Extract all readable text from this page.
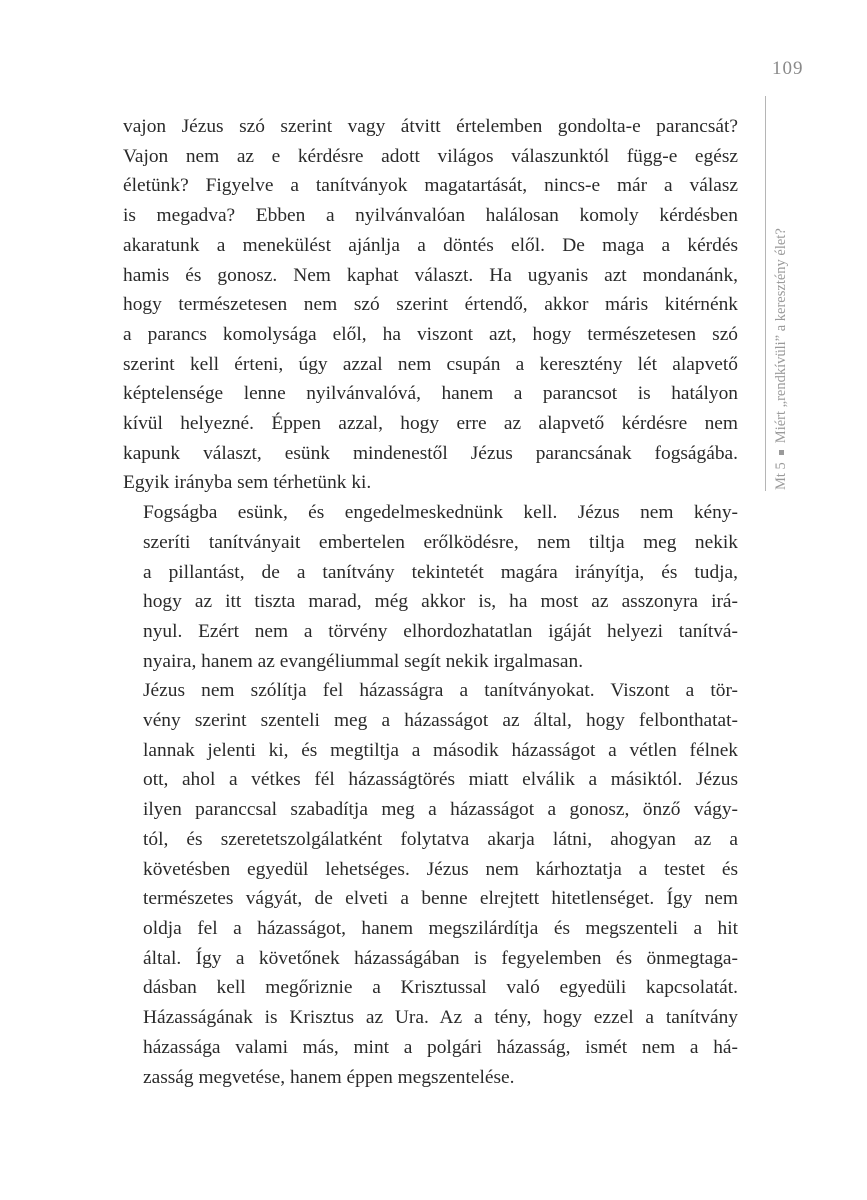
109
Mt 5
Miért „rendkívüli” a keresztény élet?

vajon Jézus szó szerint vagy átvitt értelemben gondolta-e parancsát?
Vajon nem az e kérdésre adott világos válaszunktól függ-e egész
életünk? Figyelve a tanítványok magatartását, nincs-e már a válasz
is megadva? Ebben a nyilvánvalóan halálosan komoly kérdésben
akaratunk a menekülést ajánlja a döntés elől. De maga a kérdés
hamis és gonosz. Nem kaphat választ. Ha ugyanis azt mondanánk,
hogy természetesen nem szó szerint értendő, akkor máris kitérnénk
a parancs komolysága elől, ha viszont azt, hogy természetesen szó
szerint kell érteni, úgy azzal nem csupán a keresztény lét alapvető
képtelensége lenne nyilvánvalóvá, hanem a parancsot is hatályon
kívül helyezné. Éppen azzal, hogy erre az alapvető kérdésre nem
kapunk választ, esünk mindenestől Jézus parancsának fogságába.
Egyik irányba sem térhetünk ki.

Fogságba esünk, és engedelmeskednünk kell. Jézus nem kény-
szeríti tanítványait embertelen erőlködésre, nem tiltja meg nekik
a pillantást, de a tanítvány tekintetét magára irányítja, és tudja,
hogy az itt tiszta marad, még akkor is, ha most az asszonyra irá-
nyul. Ezért nem a törvény elhordozhatatlan igáját helyezi tanítvá-
nyaira, hanem az evangéliummal segít nekik irgalmasan.

Jézus nem szólítja fel házasságra a tanítványokat. Viszont a tör-
vény szerint szenteli meg a házasságot az által, hogy felbonthatat-
lannak jelenti ki, és megtiltja a második házasságot a vétlen félnek
ott, ahol a vétkes fél házasságtörés miatt elválik a másiktól. Jézus
ilyen paranccsal szabadítja meg a házasságot a gonosz, önző vágy-
tól, és szeretetszolgálatként folytatva akarja látni, ahogyan az a
követésben egyedül lehetséges. Jézus nem kárhoztatja a testet és
természetes vágyát, de elveti a benne elrejtett hitetlenséget. Így nem
oldja fel a házasságot, hanem megszilárdítja és megszenteli a hit
által. Így a követőnek házasságában is fegyelemben és önmegtaga-
dásban kell megőriznie a Krisztussal való egyedüli kapcsolatát.
Házasságának is Krisztus az Ura. Az a tény, hogy ezzel a tanítvány
házassága valami más, mint a polgári házasság, ismét nem a há-
zasság megvetése, hanem éppen megszentelése.
